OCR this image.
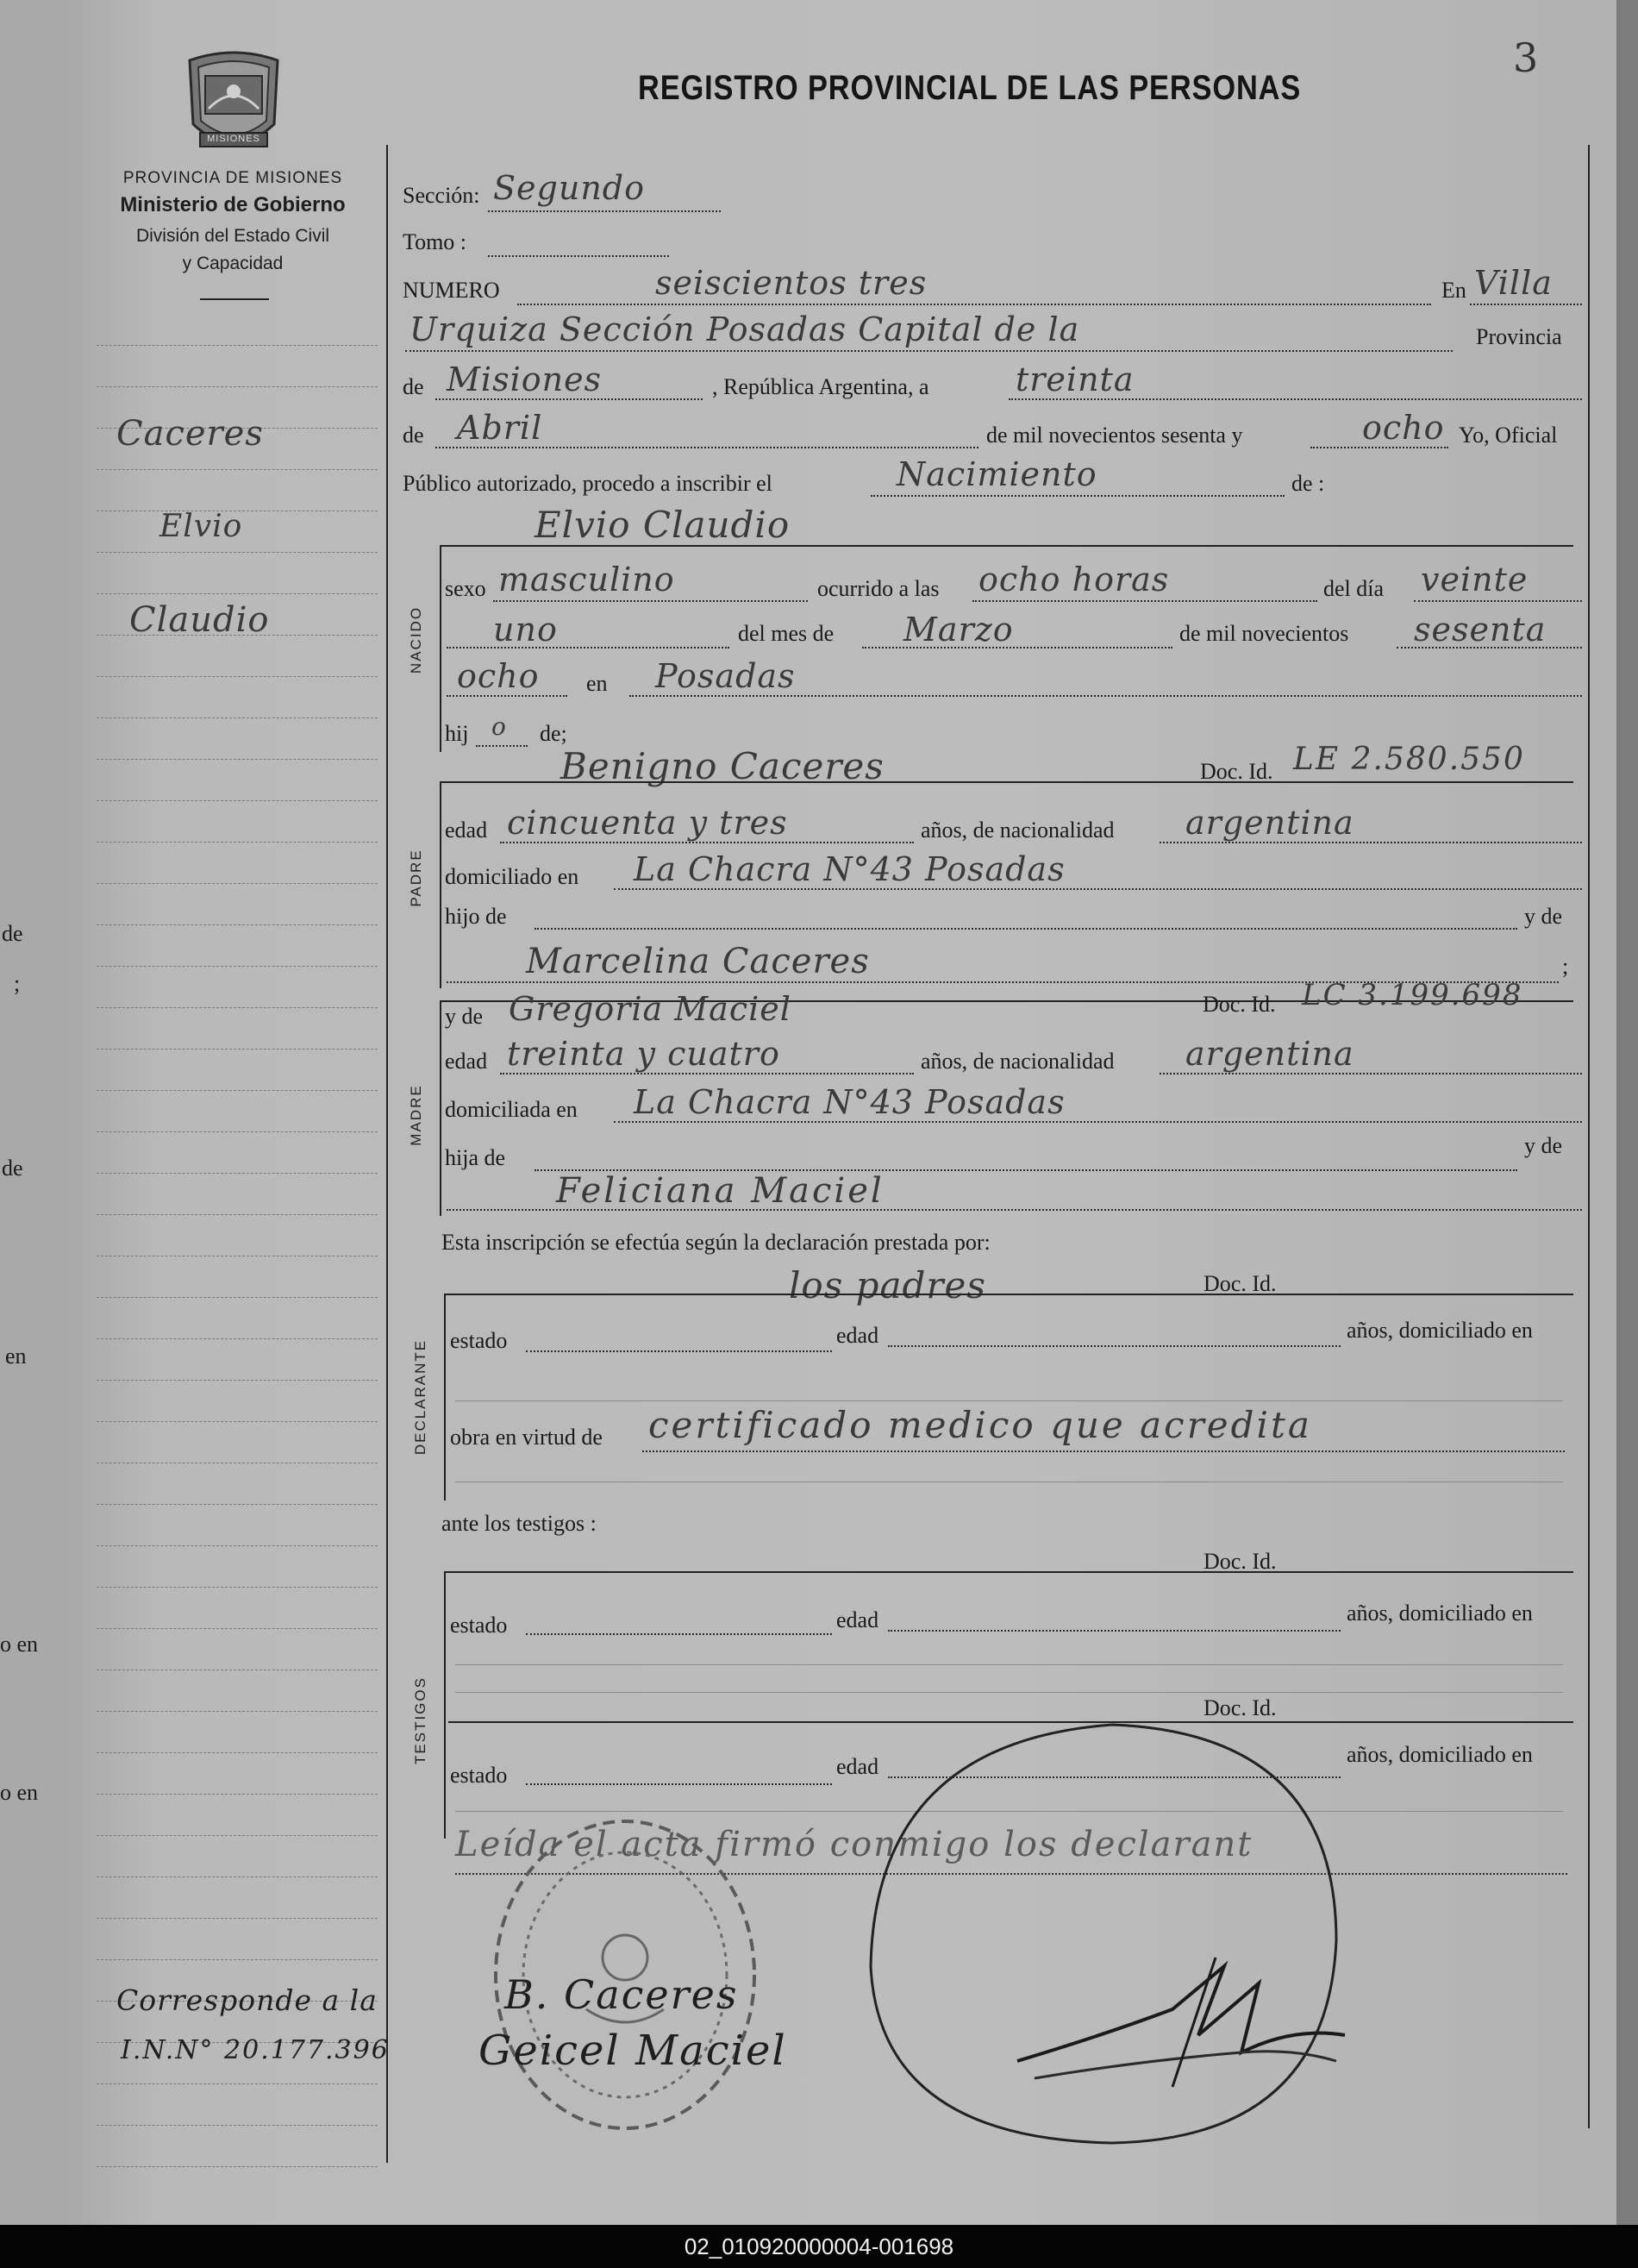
de
;
de
en
o en
o en
3
REGISTRO PROVINCIAL DE LAS PERSONAS
MISIONES
PROVINCIA DE MISIONES
Ministerio de Gobierno
División del Estado Civil
y Capacidad
Caceres
Elvio
Claudio
Corresponde a la
I.N.N° 20.177.396
Sección: Segundo
Tomo :
NUMERO	seiscientos tres	En Villa
Urquiza Sección Posadas Capital de la	Provincia
de Misiones	, República Argentina, a	treinta
de Abril	de mil novecientos sesenta y	ocho Yo, Oficial
Público autorizado, procedo a inscribir el	Nacimiento	de :
Elvio Claudio
NACIDO
sexo masculino	ocurrido a las ocho horas	del día veinte
uno	del mes de Marzo	de mil novecientos sesenta
ocho en Posadas
hij o de;
Benigno Caceres	Doc. Id. LE 2.580.550
PADRE
edad cincuenta y tres	años, de nacionalidad argentina
domiciliado en La Chacra N°43 Posadas
hijo de	y de
Marcelina Caceres	;
MADRE
y de Gregoria Maciel	Doc. Id. LC 3.199.698
edad treinta y cuatro	años, de nacionalidad argentina
domiciliada en La Chacra N°43 Posadas
hija de	y de
Feliciana Maciel
Esta inscripción se efectúa según la declaración prestada por:
los padres	Doc. Id.
DECLARANTE estado	edad	años, domiciliado en
obra en virtud de certificado medico que acredita
ante los testigos :
Doc. Id.
TESTIGOS
estado	edad	años, domiciliado en
Doc. Id.
estado	edad	años, domiciliado en
Leída el acta firmó conmigo los declarant
B. Caceres
Geicel Maciel
02_010920000004-001698
